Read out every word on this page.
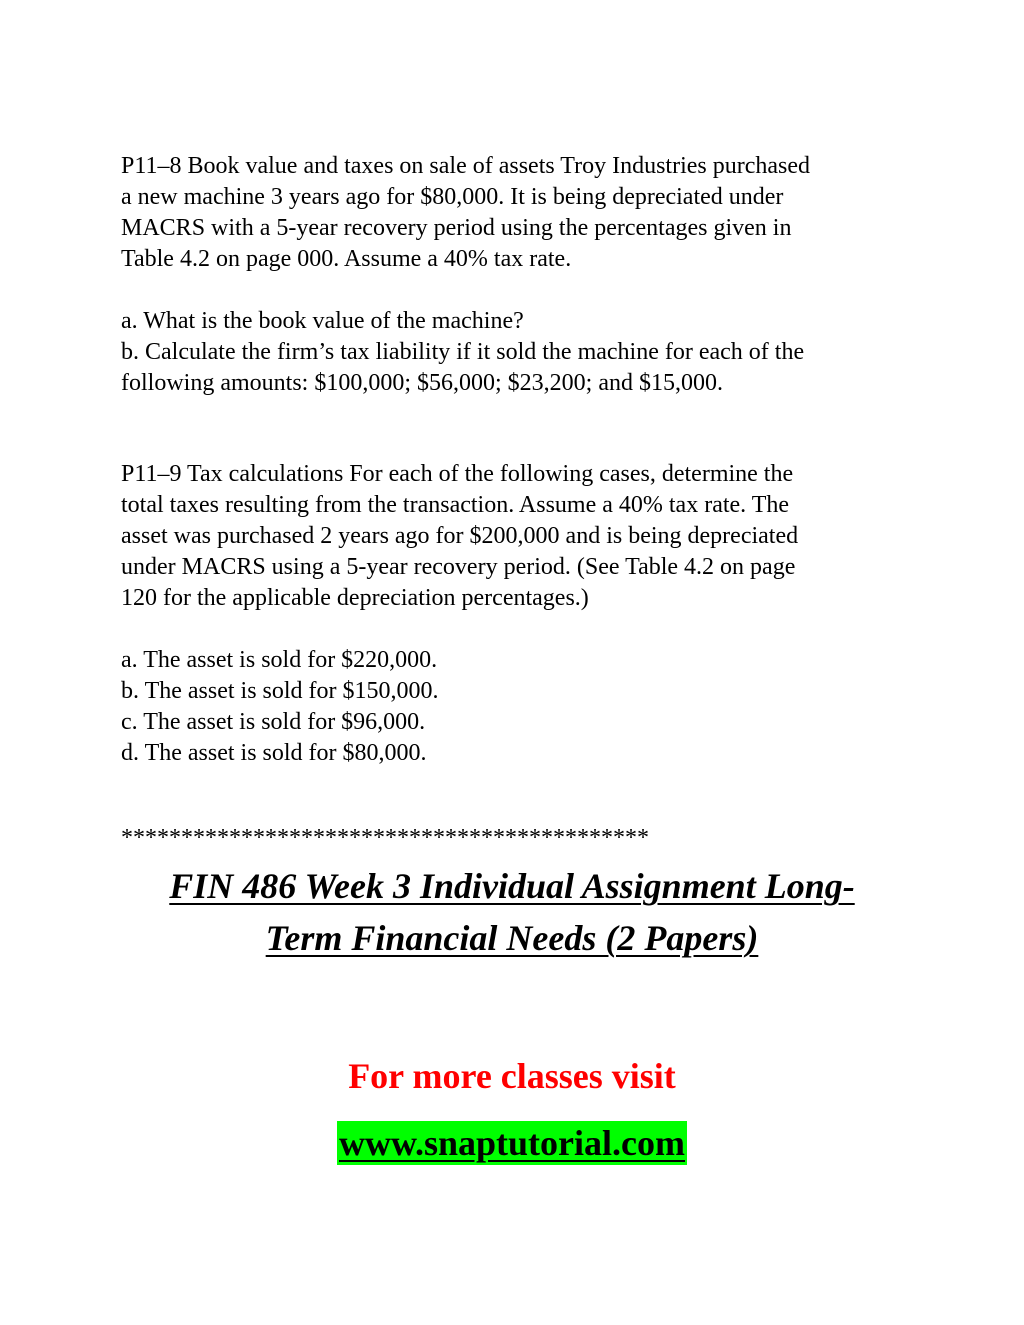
P11–8 Book value and taxes on sale of assets Troy Industries purchased
a new machine 3 years ago for $80,000. It is being depreciated under
MACRS with a 5-year recovery period using the percentages given in
Table 4.2 on page 000. Assume a 40% tax rate.

a. What is the book value of the machine?
b. Calculate the firm’s tax liability if it sold the machine for each of the
following amounts: $100,000; $56,000; $23,200; and $15,000.

P11–9 Tax calculations For each of the following cases, determine the
total taxes resulting from the transaction. Assume a 40% tax rate. The
asset was purchased 2 years ago for $200,000 and is being depreciated
under MACRS using a 5-year recovery period. (See Table 4.2 on page
120 for the applicable depreciation percentages.)

a. The asset is sold for $220,000.
b. The asset is sold for $150,000.
c. The asset is sold for $96,000.
d. The asset is sold for $80,000.

********************************************
FIN 486 Week 3 Individual Assignment Long-
Term Financial Needs (2 Papers)

For more classes visit

www.snaptutorial.com
